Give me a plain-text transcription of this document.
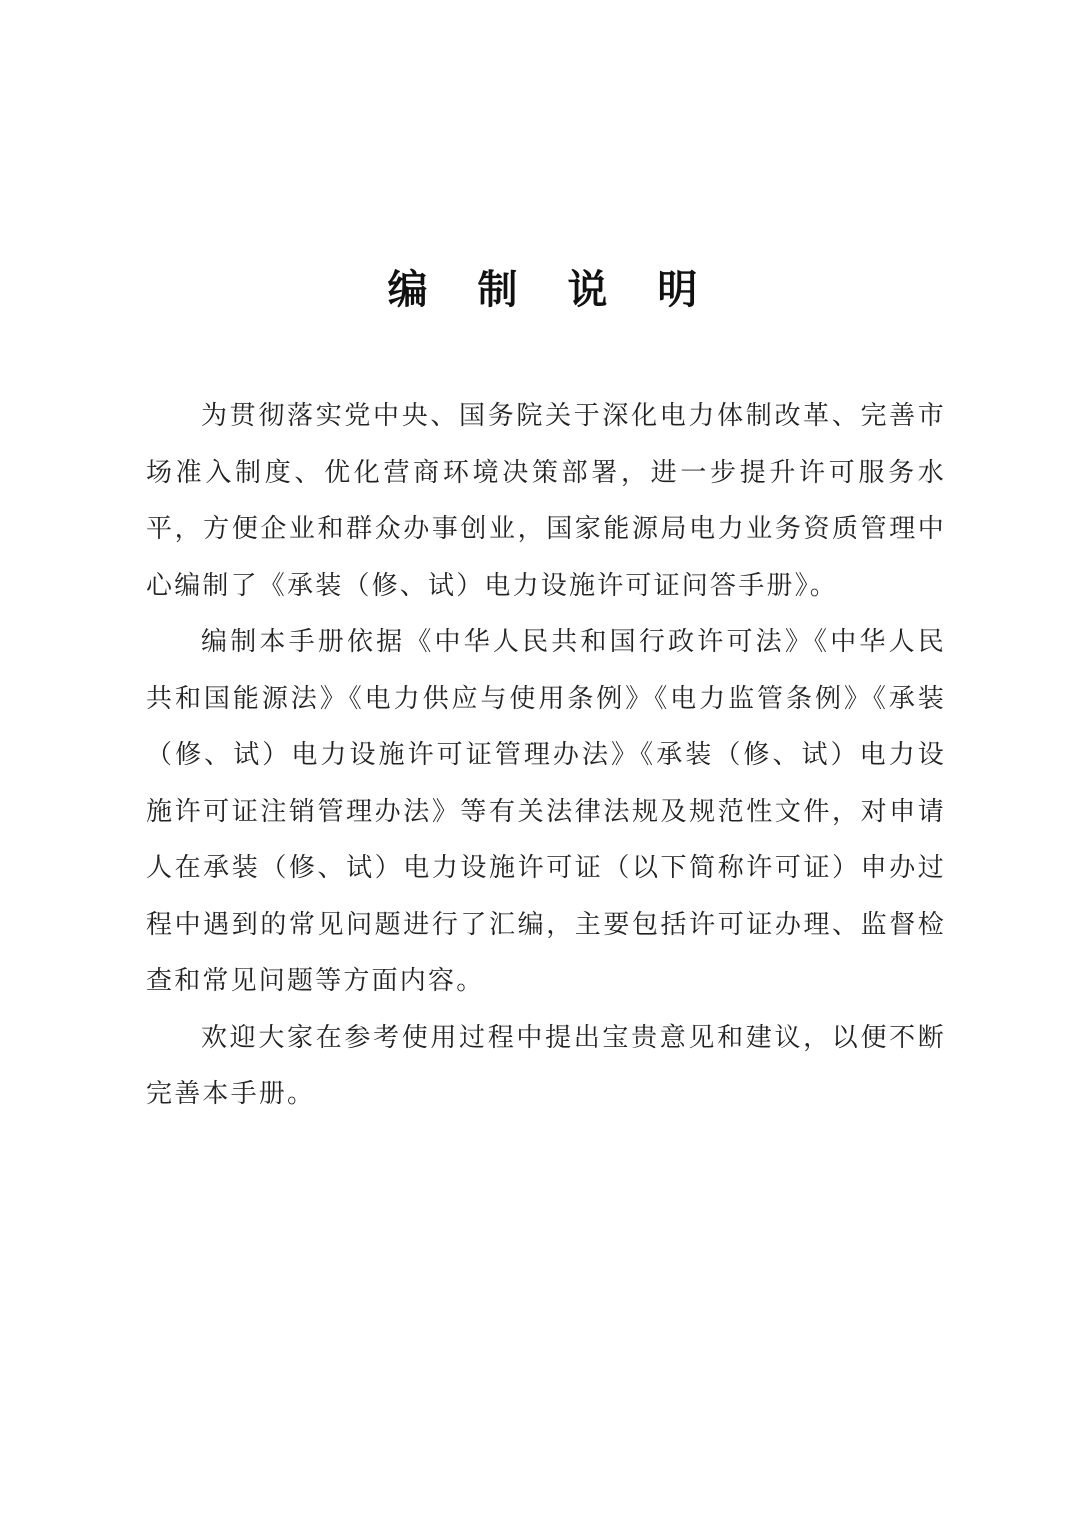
编 制 说 明

为贯彻落实党中央、国务院关于深化电力体制改革、完善市场准入制度、优化营商环境决策部署，进一步提升许可服务水平，方便企业和群众办事创业，国家能源局电力业务资质管理中心编制了《承装（修、试）电力设施许可证问答手册》。

编制本手册依据《中华人民共和国行政许可法》《中华人民共和国能源法》《电力供应与使用条例》《电力监管条例》《承装（修、试）电力设施许可证管理办法》《承装（修、试）电力设施许可证注销管理办法》等有关法律法规及规范性文件，对申请人在承装（修、试）电力设施许可证（以下简称许可证）申办过程中遇到的常见问题进行了汇编，主要包括许可证办理、监督检查和常见问题等方面内容。

欢迎大家在参考使用过程中提出宝贵意见和建议，以便不断完善本手册。
